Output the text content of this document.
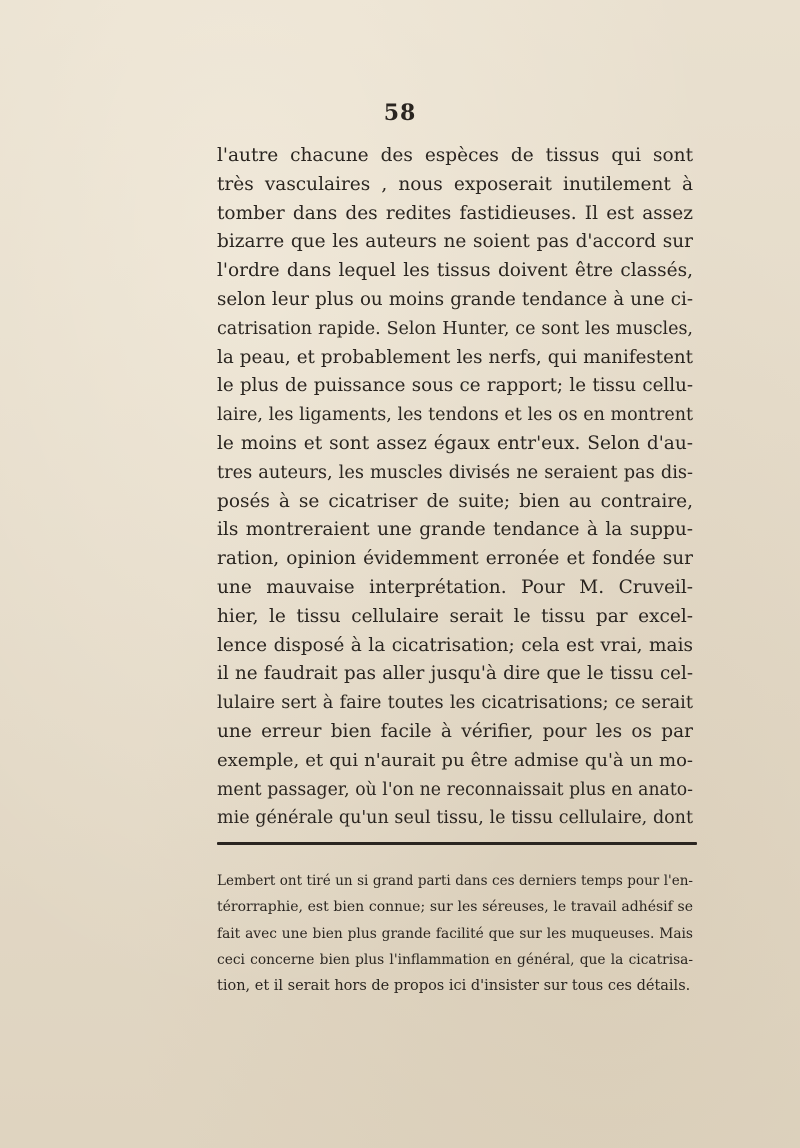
58
l'autre chacune des espèces de tissus qui sont
très vasculaires , nous exposerait inutilement à
tomber dans des redites fastidieuses. Il est assez
bizarre que les auteurs ne soient pas d'accord sur
l'ordre dans lequel les tissus doivent être classés,
selon leur plus ou moins grande tendance à une ci-
catrisation rapide. Selon Hunter, ce sont les muscles,
la peau, et probablement les nerfs, qui manifestent
le plus de puissance sous ce rapport; le tissu cellu-
laire, les ligaments, les tendons et les os en montrent
le moins et sont assez égaux entr'eux. Selon d'au-
tres auteurs, les muscles divisés ne seraient pas dis-
posés à se cicatriser de suite; bien au contraire,
ils montreraient une grande tendance à la suppu-
ration, opinion évidemment erronée et fondée sur
une mauvaise interprétation. Pour M. Cruveil-
hier, le tissu cellulaire serait le tissu par excel-
lence disposé à la cicatrisation; cela est vrai, mais
il ne faudrait pas aller jusqu'à dire que le tissu cel-
lulaire sert à faire toutes les cicatrisations; ce serait
une erreur bien facile à vérifier, pour les os par
exemple, et qui n'aurait pu être admise qu'à un mo-
ment passager, où l'on ne reconnaissait plus en anato-
mie générale qu'un seul tissu, le tissu cellulaire, dont
Lembert ont tiré un si grand parti dans ces derniers temps pour l'en-
térorraphie, est bien connue; sur les séreuses, le travail adhésif se
fait avec une bien plus grande facilité que sur les muqueuses. Mais
ceci concerne bien plus l'inflammation en général, que la cicatrisa-
tion, et il serait hors de propos ici d'insister sur tous ces détails.
